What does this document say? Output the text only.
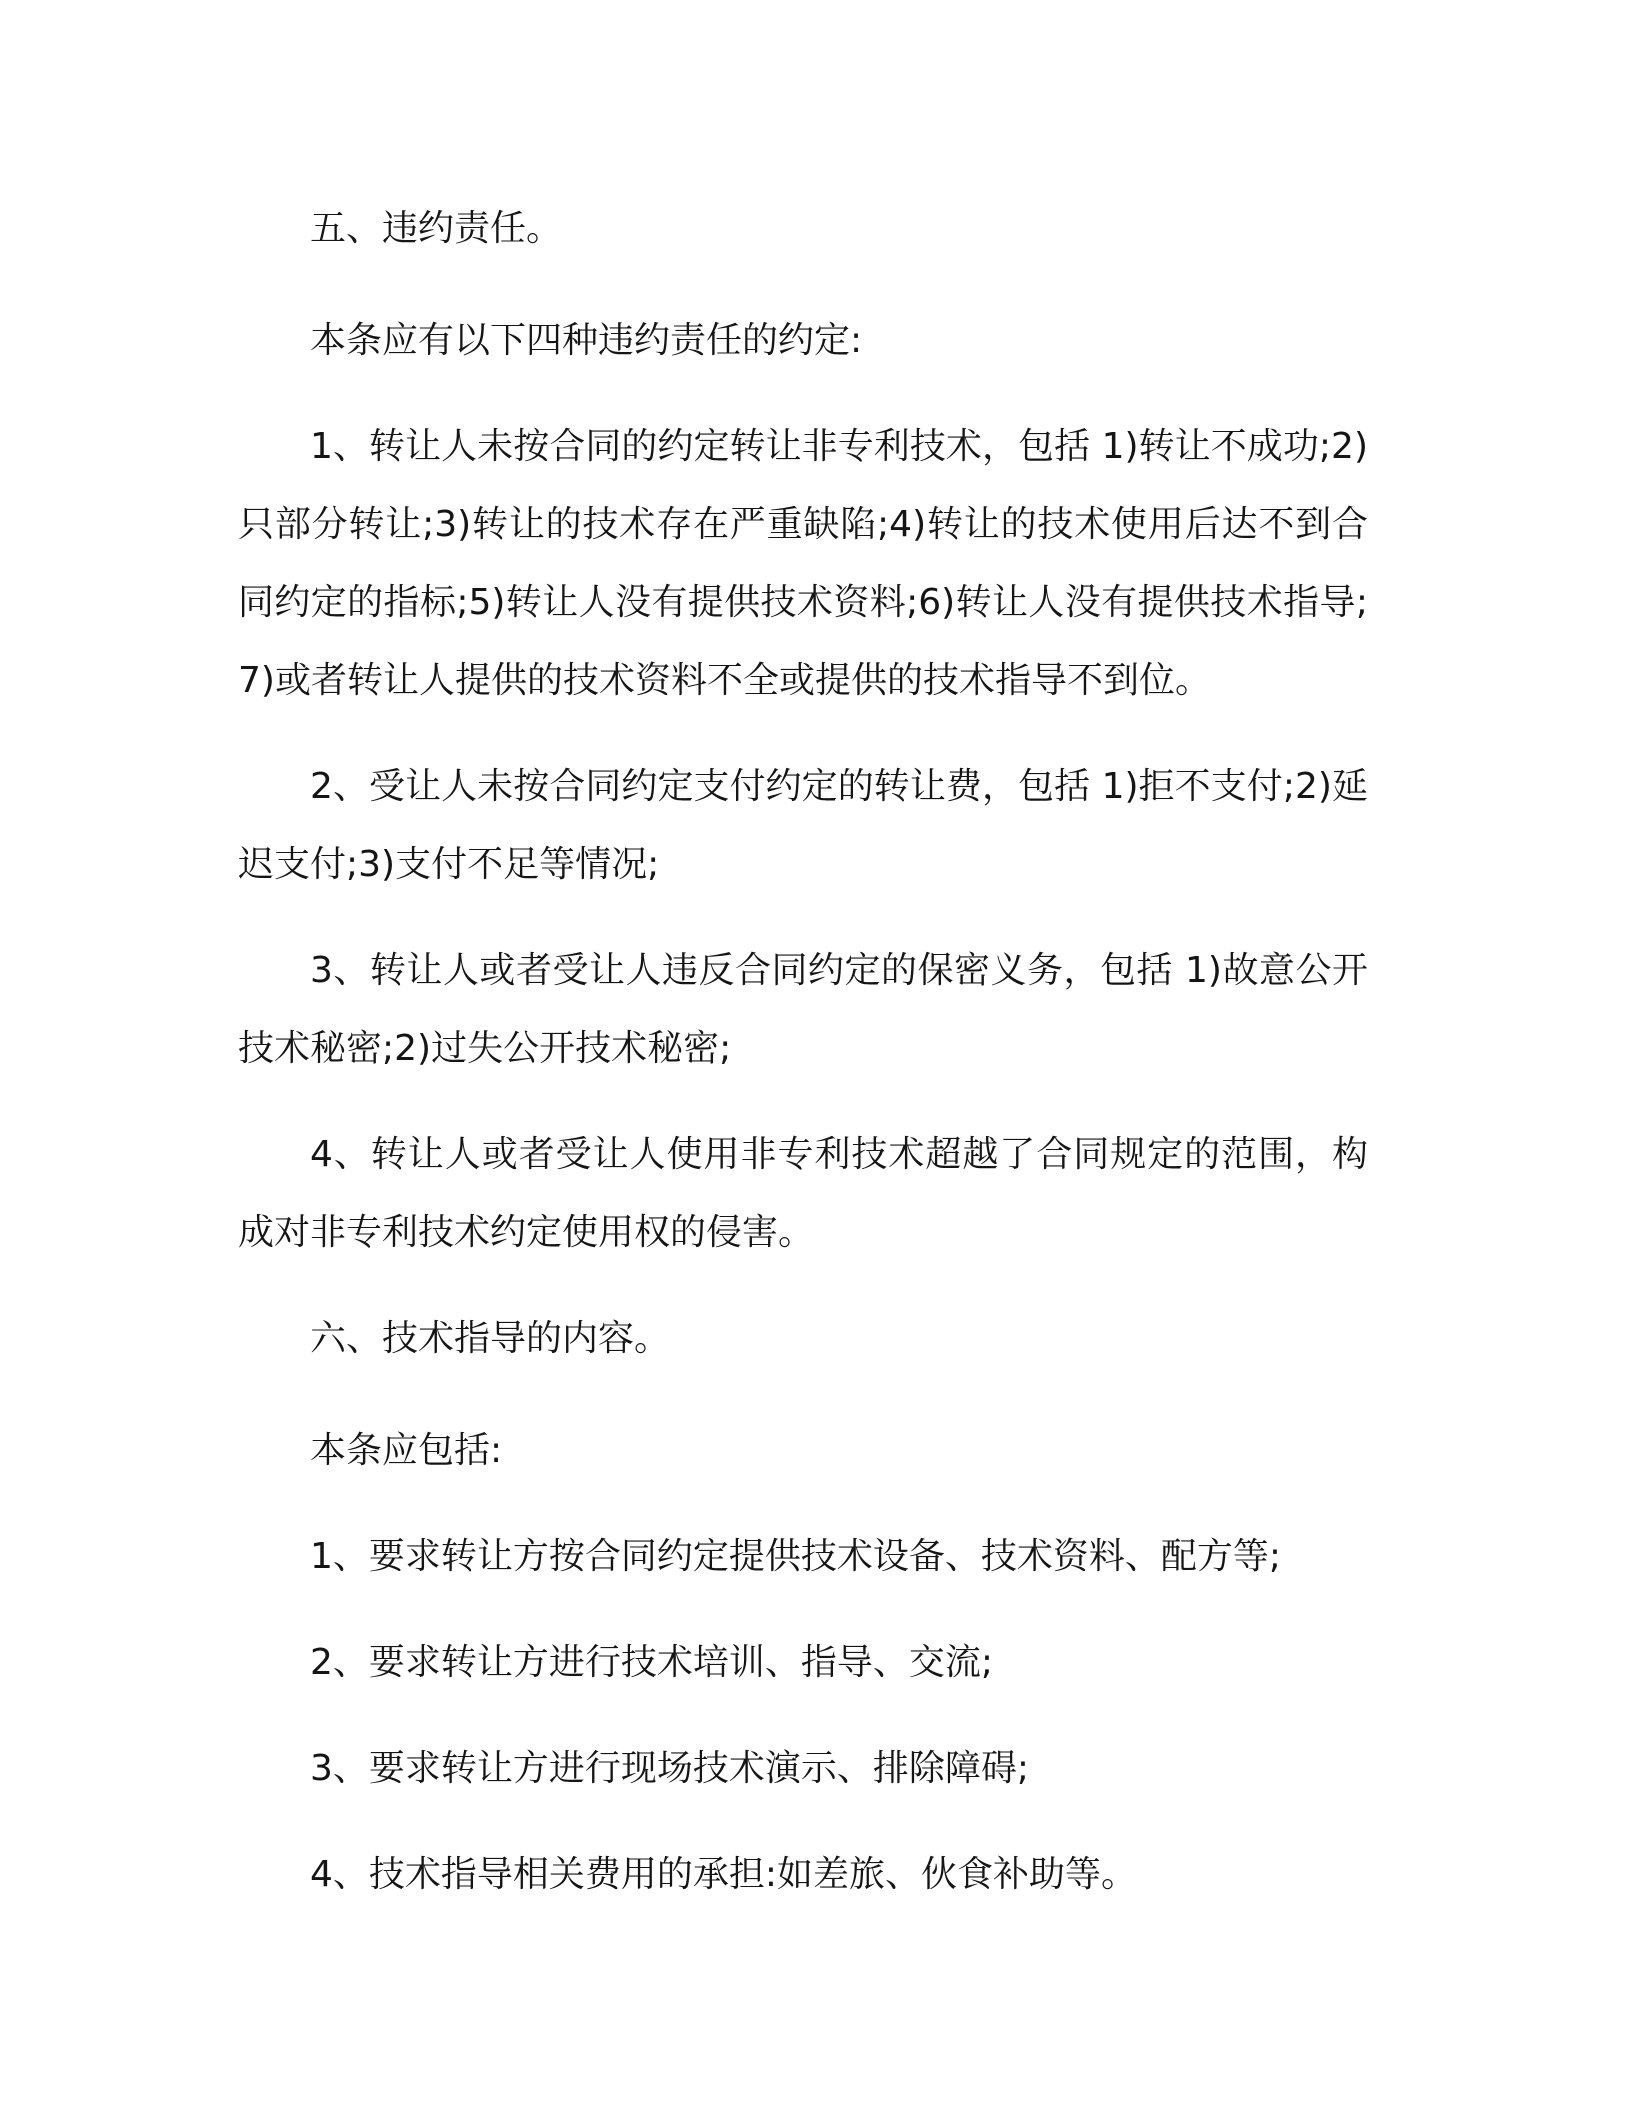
五、违约责任。

本条应有以下四种违约责任的约定:

1、转让人未按合同的约定转让非专利技术，包括 1)转让不成功;2)只部分转让;3)转让的技术存在严重缺陷;4)转让的技术使用后达不到合同约定的指标;5)转让人没有提供技术资料;6)转让人没有提供技术指导;7)或者转让人提供的技术资料不全或提供的技术指导不到位。

2、受让人未按合同约定支付约定的转让费，包括 1)拒不支付;2)延迟支付;3)支付不足等情况;

3、转让人或者受让人违反合同约定的保密义务，包括 1)故意公开技术秘密;2)过失公开技术秘密;

4、转让人或者受让人使用非专利技术超越了合同规定的范围，构成对非专利技术约定使用权的侵害。

六、技术指导的内容。

本条应包括:

1、要求转让方按合同约定提供技术设备、技术资料、配方等;

2、要求转让方进行技术培训、指导、交流;

3、要求转让方进行现场技术演示、排除障碍;

4、技术指导相关费用的承担:如差旅、伙食补助等。
